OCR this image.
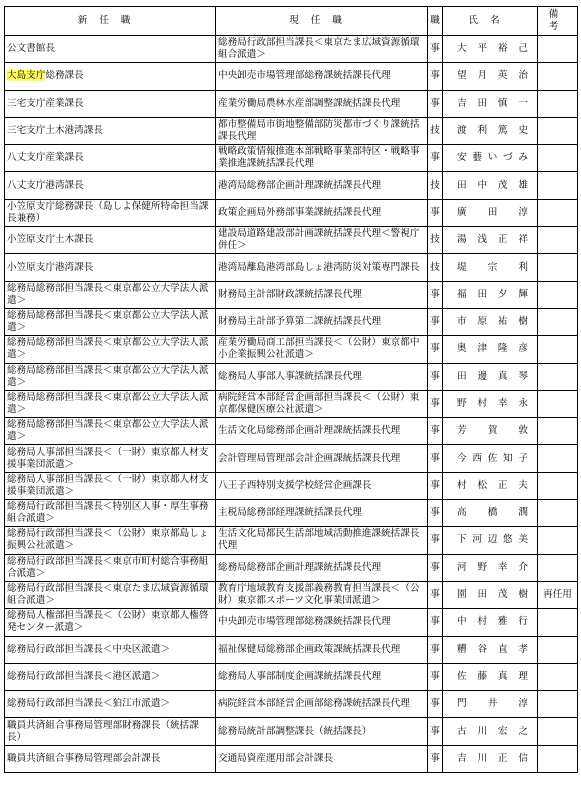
新任職	現任職	職	氏名	備考
公文書館長	総務局行政部担当課長＜東京たま広域資源循環組合派遣＞	事	大平裕己	
大島支庁総務課長	中央卸売市場管理部総務課統括課長代理	事	望月英治	
三宅支庁産業課長	産業労働局農林水産部調整課統括課長代理	事	吉田慎一	
三宅支庁土木港湾課長	都市整備局市街地整備部防災都市づくり課統括課長代理	技	渡利篤史	
八丈支庁産業課長	戦略政策情報推進本部戦略事業部特区・戦略事業推進課統括課長代理	事	安藝いづみ	
八丈支庁港湾課長	港湾局総務部企画計理課統括課長代理	技	田中茂雄	
小笠原支庁総務課長（島しよ保健所特命担当課長兼務）	政策企画局外務部事業課統括課長代理	事	廣田淳	
小笠原支庁土木課長	建設局道路建設部計画課統括課長代理＜警視庁併任＞	技	湯浅正祥	
小笠原支庁港湾課長	港湾局離島港湾部島しょ港湾防災対策専門課長	技	堤宗利	
総務局総務部担当課長＜東京都公立大学法人派遣＞	財務局主計部財政課統括課長代理	事	福田夕輝	
総務局総務部担当課長＜東京都公立大学法人派遣＞	財務局主計部予算第二課統括課長代理	事	市原祐樹	
総務局総務部担当課長＜東京都公立大学法人派遣＞	産業労働局商工部担当課長＜（公財）東京都中小企業振興公社派遣＞	事	奥津隆彦	
総務局総務部担当課長＜東京都公立大学法人派遣＞	総務局人事部人事課統括課長代理	事	田邊真琴	
総務局総務部担当課長＜東京都公立大学法人派遣＞	病院経営本部経営企画部担当課長＜（公財）東京都保健医療公社派遣＞	事	野村幸永	
総務局総務部担当課長＜東京都公立大学法人派遣＞	生活文化局総務部企画計理課統括課長代理	事	芳賀敦	
総務局人事部担当課長＜（一財）東京都人材支援事業団派遣＞	会計管理局管理部会計企画課統括課長代理	事	今西佐知子	
総務局人事部担当課長＜（一財）東京都人材支援事業団派遣＞	八王子西特別支援学校経営企画課長	事	村松正夫	
総務局行政部担当課長＜特別区人事・厚生事務組合派遣＞	主税局総務部経理課統括課長代理	事	高橋潤	
総務局行政部担当課長＜（公財）東京都島しょ振興公社派遣＞	生活文化局都民生活部地域活動推進課統括課長代理	事	下河辺悠美	
総務局行政部担当課長＜東京市町村総合事務組合派遣＞	総務局総務部企画計理課統括課長代理	事	河野幸介	
総務局行政部担当課長＜東京たま広域資源循環組合派遣＞	教育庁地域教育支援部義務教育担当課長＜（公財）東京都スポーツ文化事業団派遣＞	事	園田茂樹	再任用
総務局人権部担当課長＜（公財）東京都人権啓発センター派遣＞	中央卸売市場管理部総務課統括課長代理	事	中村雅行	
総務局行政部担当課長＜中央区派遣＞	福祉保健局総務部企画政策課統括課長代理	事	糟谷直孝	
総務局行政部担当課長＜港区派遣＞	総務局人事部制度企画課統括課長代理	事	佐藤真理	
総務局行政部担当課長＜狛江市派遣＞	病院経営本部経営企画部総務課統括課長代理	事	門井淳	
職員共済組合事務局管理部財務課長（統括課長）	総務局統計部調整課長（統括課長）	事	古川宏之	
職員共済組合事務局管理部会計課長	交通局資産運用部会計課長	事	吉川正信	
